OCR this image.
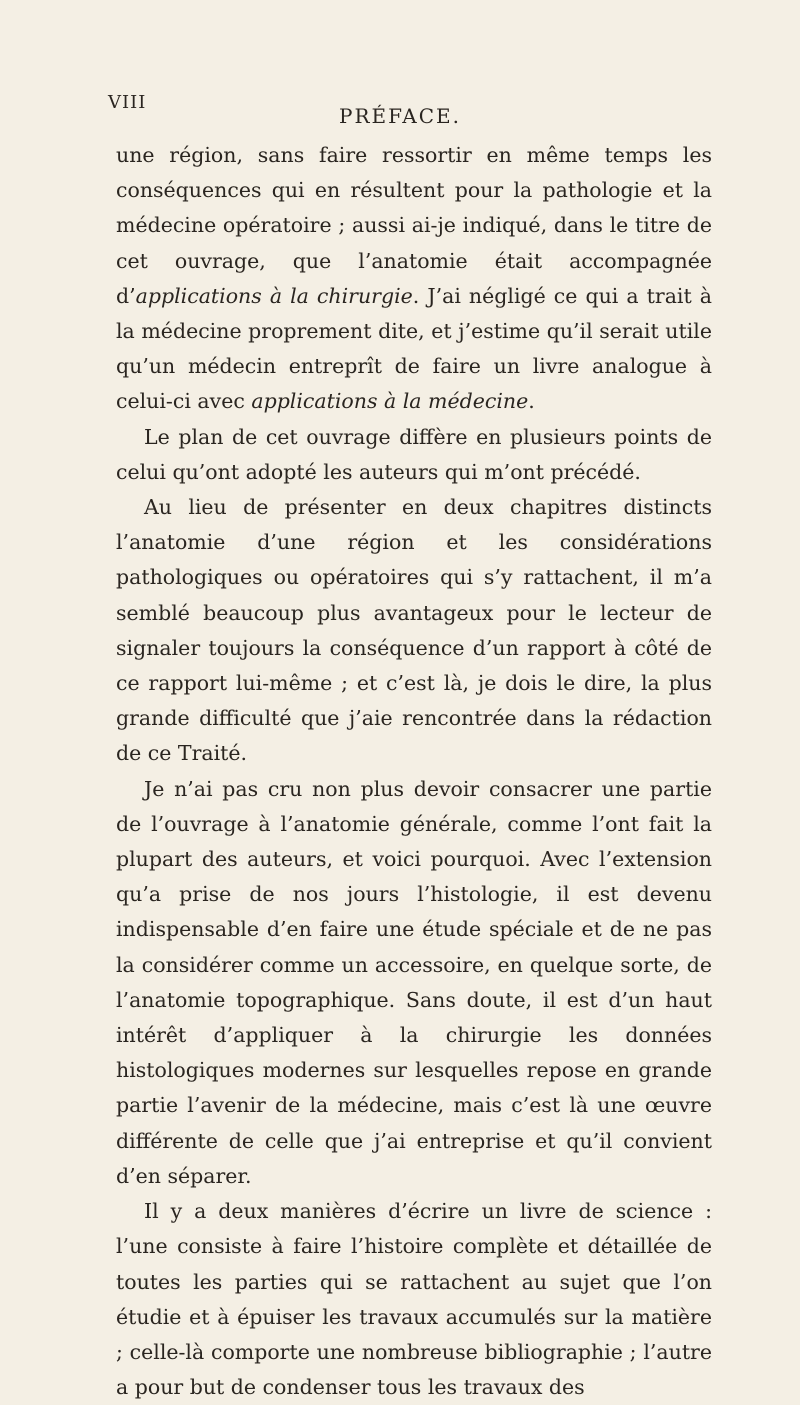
VIII
PRÉFACE.

une région, sans faire ressortir en même temps les conséquences qui en résultent pour la pathologie et la médecine opératoire ; aussi ai-je indiqué, dans le titre de cet ouvrage, que l’anatomie était accompagnée d’applications à la chirurgie. J’ai négligé ce qui a trait à la médecine proprement dite, et j’estime qu’il serait utile qu’un médecin entreprît de faire un livre analogue à celui-ci avec applications à la médecine.

Le plan de cet ouvrage diffère en plusieurs points de celui qu’ont adopté les auteurs qui m’ont précédé.

Au lieu de présenter en deux chapitres distincts l’anatomie d’une région et les considérations pathologiques ou opératoires qui s’y rattachent, il m’a semblé beaucoup plus avantageux pour le lecteur de signaler toujours la conséquence d’un rapport à côté de ce rapport lui-même ; et c’est là, je dois le dire, la plus grande difficulté que j’aie rencontrée dans la rédaction de ce Traité.

Je n’ai pas cru non plus devoir consacrer une partie de l’ouvrage à l’anatomie générale, comme l’ont fait la plupart des auteurs, et voici pourquoi. Avec l’extension qu’a prise de nos jours l’histologie, il est devenu indispensable d’en faire une étude spéciale et de ne pas la considérer comme un accessoire, en quelque sorte, de l’anatomie topographique. Sans doute, il est d’un haut intérêt d’appliquer à la chirurgie les données histologiques modernes sur lesquelles repose en grande partie l’avenir de la médecine, mais c’est là une œuvre différente de celle que j’ai entreprise et qu’il convient d’en séparer.

Il y a deux manières d’écrire un livre de science : l’une consiste à faire l’histoire complète et détaillée de toutes les parties qui se rattachent au sujet que l’on étudie et à épuiser les travaux accumulés sur la matière ; celle-là comporte une nombreuse bibliographie ; l’autre a pour but de condenser tous les travaux des
